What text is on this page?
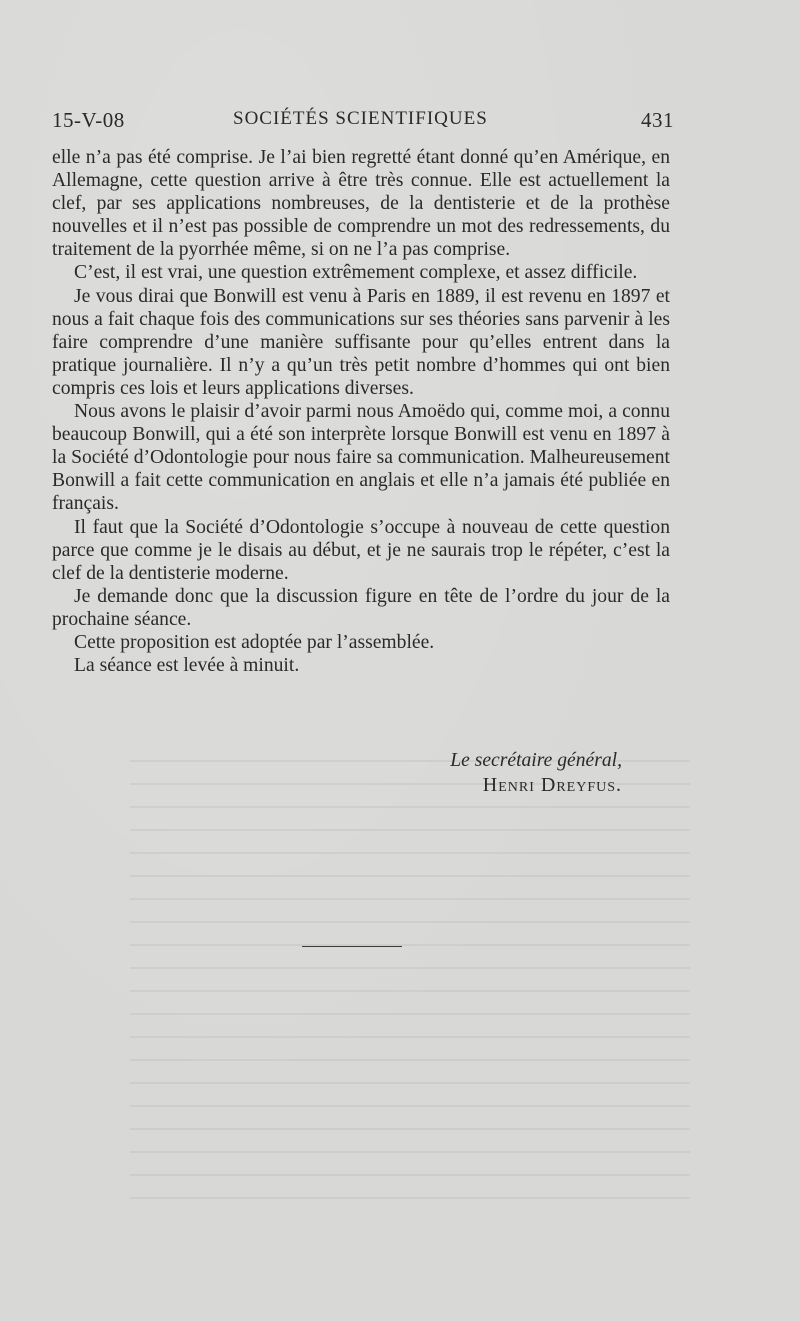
15-V-08	SOCIÉTÉS SCIENTIFIQUES	431

elle n’a pas été comprise. Je l’ai bien regretté étant donné qu’en Amérique, en Allemagne, cette question arrive à être très connue. Elle est actuellement la clef, par ses applications nombreuses, de la dentisterie et de la prothèse nouvelles et il n’est pas possible de comprendre un mot des redressements, du traitement de la pyorrhée même, si on ne l’a pas comprise.

C’est, il est vrai, une question extrêmement complexe, et assez difficile.

Je vous dirai que Bonwill est venu à Paris en 1889, il est revenu en 1897 et nous a fait chaque fois des communications sur ses théories sans parvenir à les faire comprendre d’une manière suffisante pour qu’elles entrent dans la pratique journalière. Il n’y a qu’un très petit nombre d’hommes qui ont bien compris ces lois et leurs applications diverses.

Nous avons le plaisir d’avoir parmi nous Amoëdo qui, comme moi, a connu beaucoup Bonwill, qui a été son interprète lorsque Bonwill est venu en 1897 à la Société d’Odontologie pour nous faire sa communication. Malheureusement Bonwill a fait cette communication en anglais et elle n’a jamais été publiée en français.

Il faut que la Société d’Odontologie s’occupe à nouveau de cette question parce que comme je le disais au début, et je ne saurais trop le répéter, c’est la clef de la dentisterie moderne.

Je demande donc que la discussion figure en tête de l’ordre du jour de la prochaine séance.

Cette proposition est adoptée par l’assemblée.

La séance est levée à minuit.

Le secrétaire général,
Henri Dreyfus.
